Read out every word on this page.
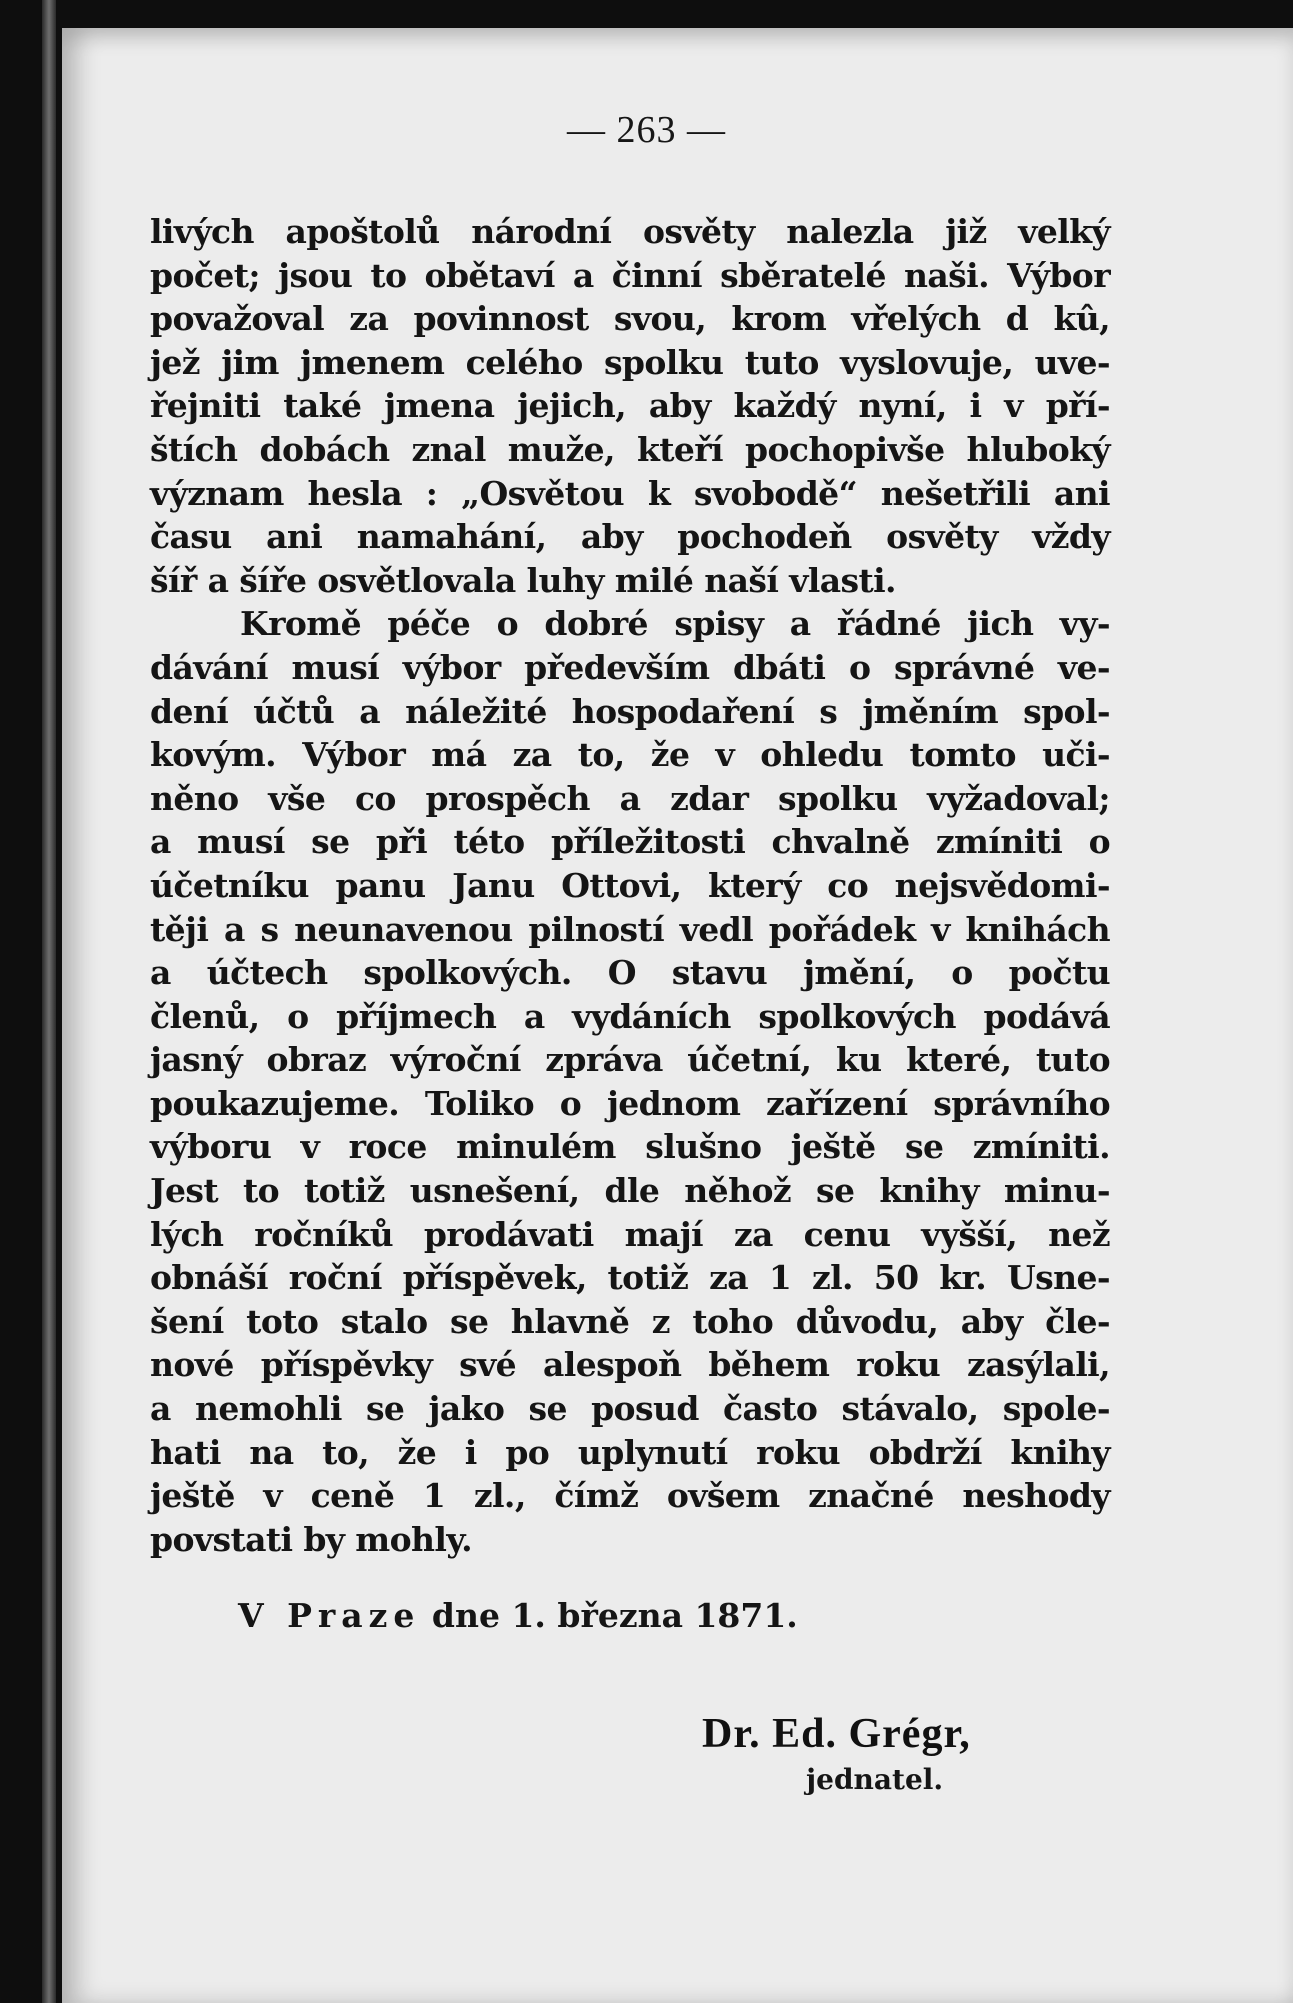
— 263 —
livých apoštolů národní osvěty nalezla již velký
počet; jsou to obětaví a činní sběratelé naši. Výbor
považoval za povinnost svou, krom vřelých d kû,
jež jim jmenem celého spolku tuto vyslovuje, uve-
řejniti také jmena jejich, aby každý nyní, i v pří-
štích dobách znal muže, kteří pochopivše hluboký
význam hesla : „Osvětou k svobodě“ nešetřili ani
času ani namahání, aby pochodeň osvěty vždy
šíř a šíře osvětlovala luhy milé naší vlasti.
Kromě péče o dobré spisy a řádné jich vy-
dávání musí výbor především dbáti o správné ve-
dení účtů a náležité hospodaření s jměním spol-
kovým. Výbor má za to, že v ohledu tomto uči-
něno vše co prospěch a zdar spolku vyžadoval;
a musí se při této příležitosti chvalně zmíniti o
účetníku panu Janu Ottovi, který co nejsvědomi-
těji a s neunavenou pilností vedl pořádek v knihách
a účtech spolkových. O stavu jmění, o počtu
členů, o příjmech a vydáních spolkových podává
jasný obraz výroční zpráva účetní, ku které, tuto
poukazujeme. Toliko o jednom zařízení správního
výboru v roce minulém slušno ještě se zmíniti.
Jest to totiž usnešení, dle něhož se knihy minu-
lých ročníků prodávati mají za cenu vyšší, než
obnáší roční příspěvek, totiž za 1 zl. 50 kr. Usne-
šení toto stalo se hlavně z toho důvodu, aby čle-
nové příspěvky své alespoň během roku zasýlali,
a nemohli se jako se posud často stávalo, spole-
hati na to, že i po uplynutí roku obdrží knihy
ještě v ceně 1 zl., čímž ovšem značné neshody
povstati by mohly.
V Praze dne 1. března 1871.
Dr. Ed. Grégr,
jednatel.
